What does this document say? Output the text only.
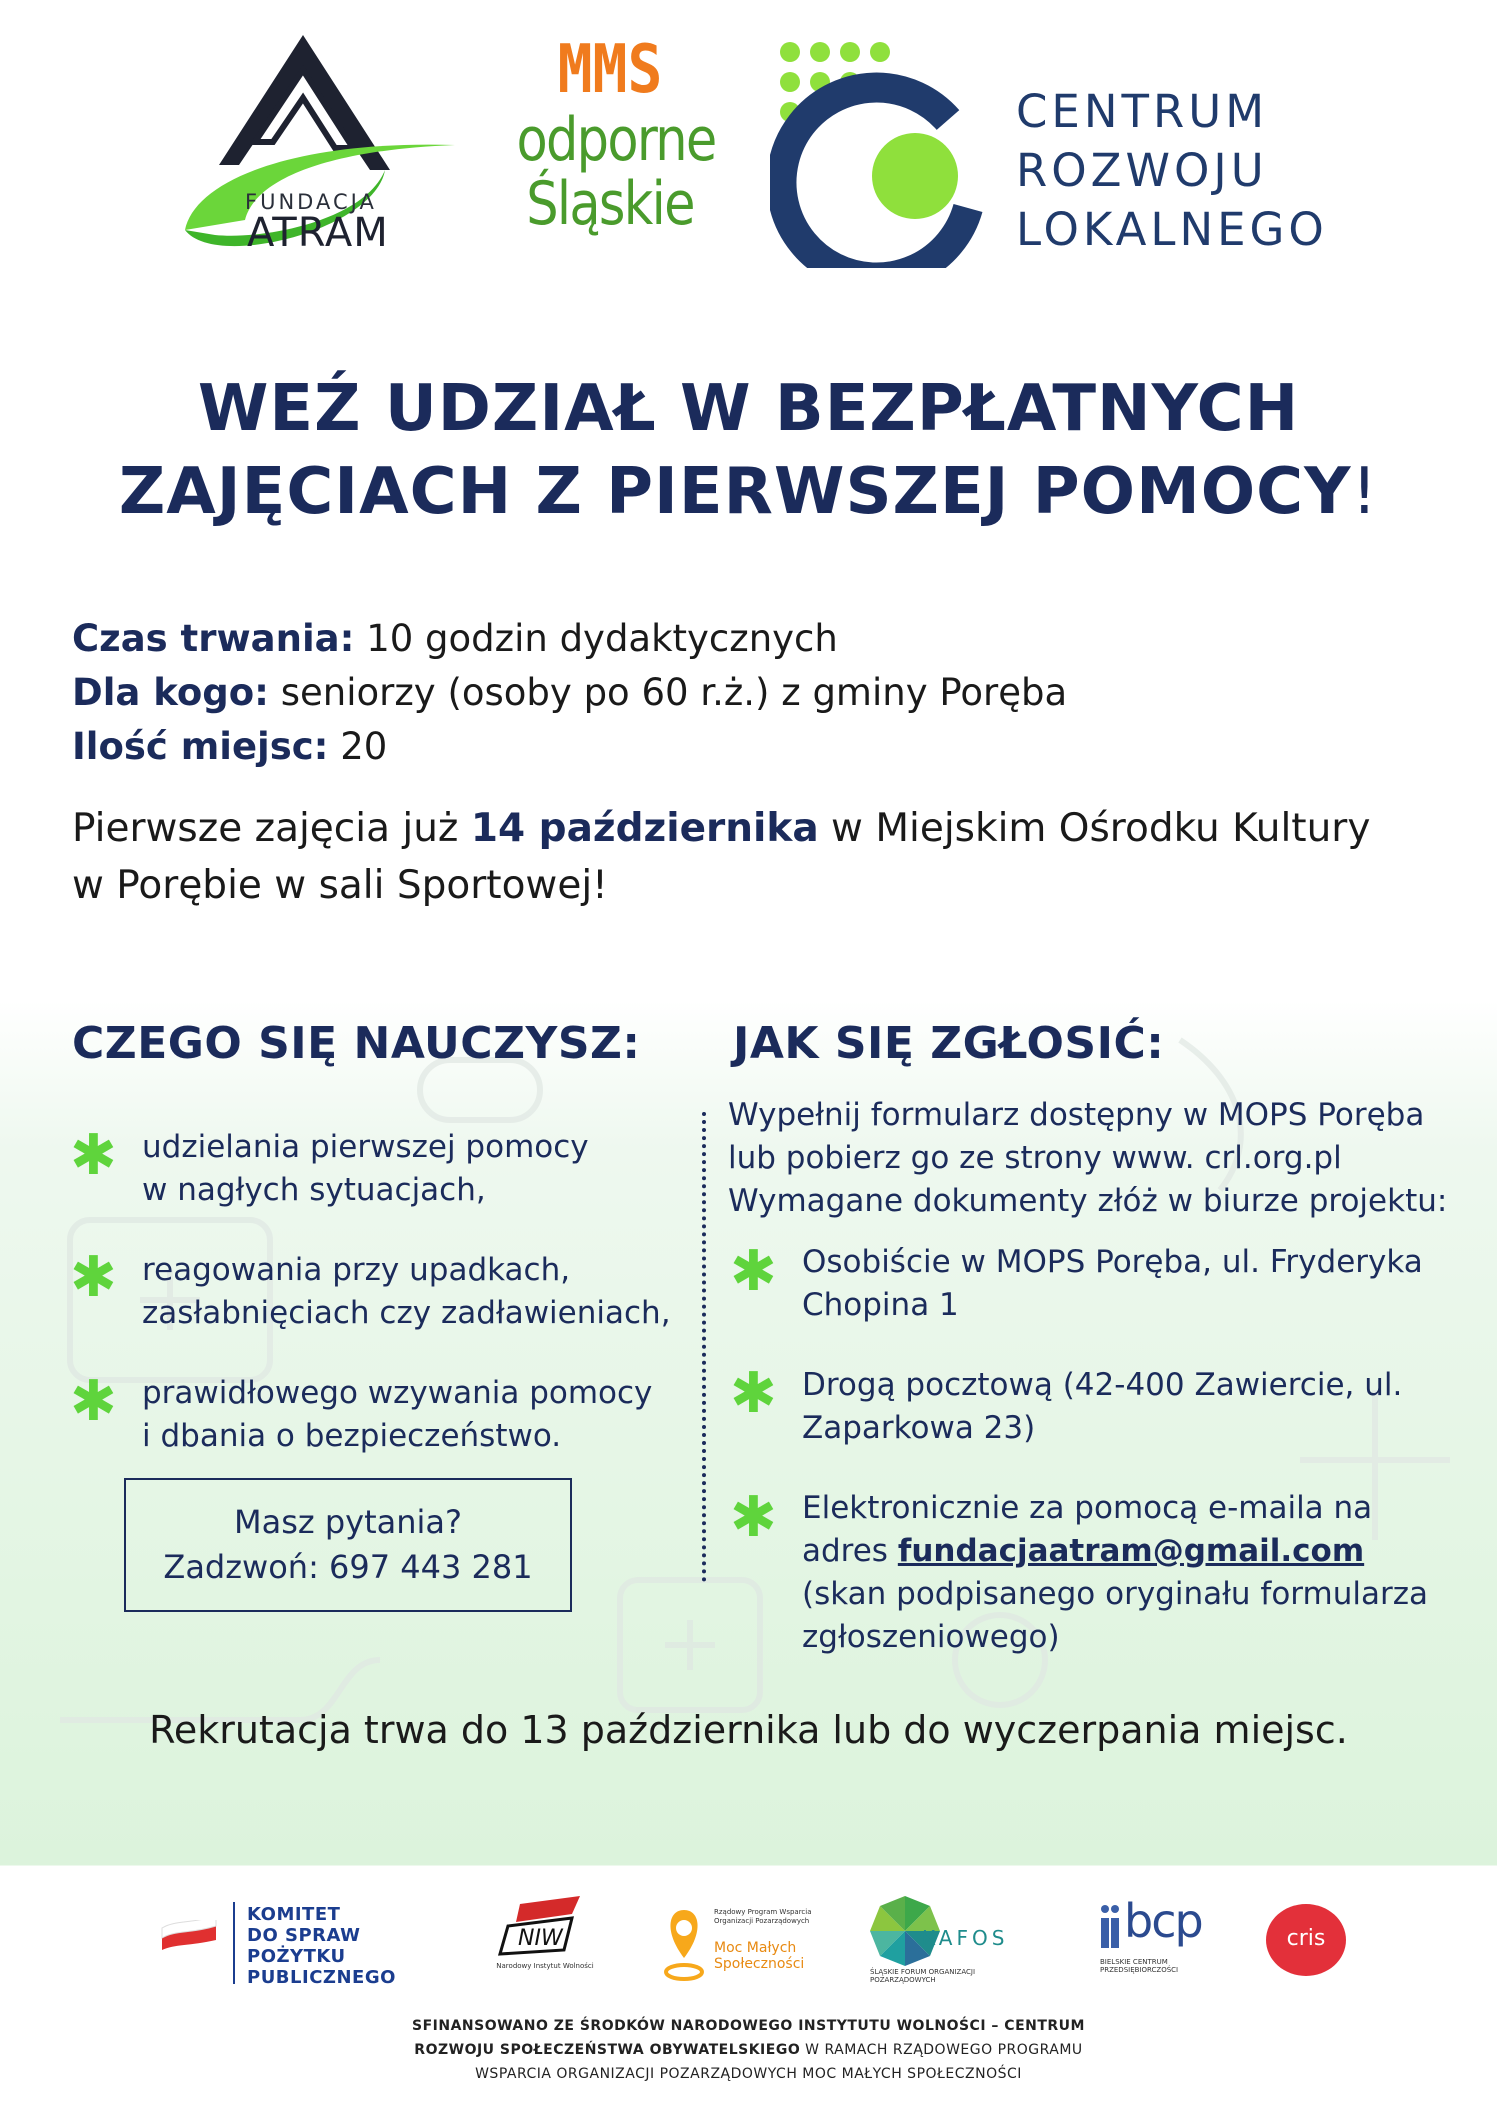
FUNDACJA
ATRAM
MMS
odporne
Śląskie
CENTRUM
ROZWOJU
LOKALNEGO
WEŹ UDZIAŁ W BEZPŁATNYCH
ZAJĘCIACH Z PIERWSZEJ POMOCY!
Czas trwania: 10 godzin dydaktycznych
Dla kogo: seniorzy (osoby po 60 r.ż.) z gminy Poręba
Ilość miejsc: 20
Pierwsze zajęcia już 14 października w Miejskim Ośrodku Kultury
w Porębie w sali Sportowej!
CZEGO SIĘ NAUCZYSZ:
✱ udzielania pierwszej pomocy
w nagłych sytuacjach,
✱ reagowania przy upadkach,
zasłabnięciach czy zadławieniach,
✱ prawidłowego wzywania pomocy
i dbania o bezpieczeństwo.
Masz pytania?
Zadzwoń: 697 443 281
JAK SIĘ ZGŁOSIĆ:
Wypełnij formularz dostępny w MOPS Poręba
lub pobierz go ze strony www. crl.org.pl
Wymagane dokumenty złóż w biurze projektu:
✱ Osobiście w MOPS Poręba, ul. Fryderyka
Chopina 1
✱ Drogą pocztową (42-400 Zawiercie, ul.
Zaparkowa 23)
✱ Elektronicznie za pomocą e-maila na
adres fundacjaatram@gmail.com
(skan podpisanego oryginału formularza
zgłoszeniowego)
Rekrutacja trwa do 13 października lub do wyczerpania miejsc.
KOMITET
DO SPRAW
POŻYTKU
PUBLICZNEGO
NIW
Narodowy Instytut Wolności
Rządowy Program Wsparcia Organizacji Pozarządowych
Moc Małych
Społeczności
KAFOS
ŚLĄSKIE FORUM ORGANIZACJI POZARZĄDOWYCH
bcp
BIELSKIE CENTRUM PRZEDSIĘBIORCZOŚCI
cris
SFINANSOWANO ZE ŚRODKÓW NARODOWEGO INSTYTUTU WOLNOŚCI – CENTRUM
ROZWOJU SPOŁECZEŃSTWA OBYWATELSKIEGO W RAMACH RZĄDOWEGO PROGRAMU
WSPARCIA ORGANIZACJI POZARZĄDOWYCH MOC MAŁYCH SPOŁECZNOŚCI
